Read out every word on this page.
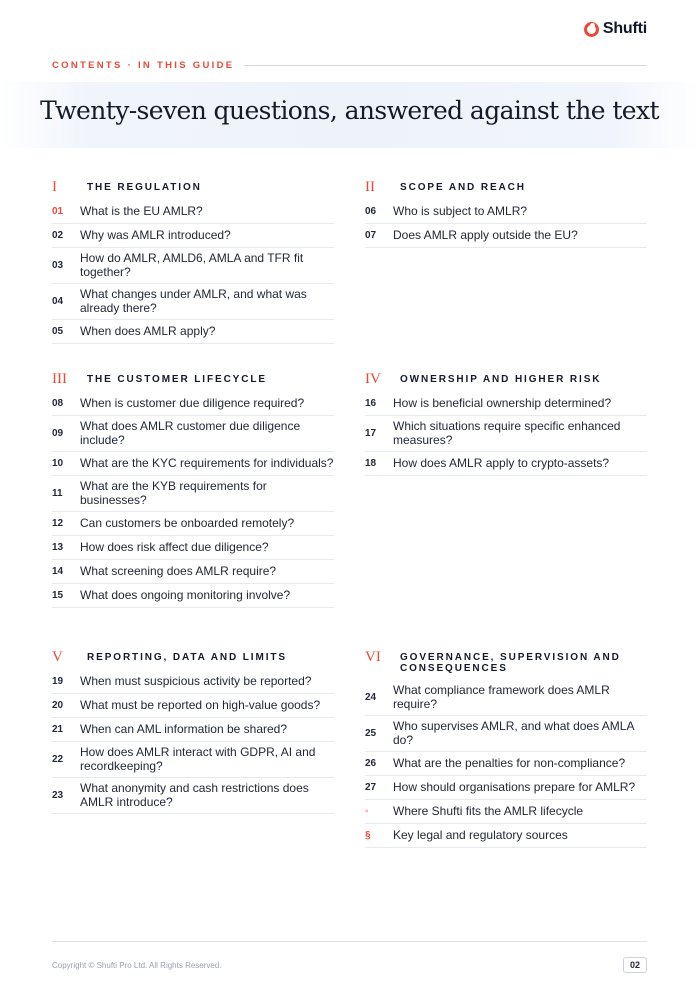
Shufti
CONTENTS · IN THIS GUIDE
Twenty-seven questions, answered against the text
I	THE REGULATION
01	What is the EU AMLR?
02	Why was AMLR introduced?
03	How do AMLR, AMLD6, AMLA and TFR fit together?
04	What changes under AMLR, and what was already there?
05	When does AMLR apply?
II	SCOPE AND REACH
06	Who is subject to AMLR?
07	Does AMLR apply outside the EU?
III	THE CUSTOMER LIFECYCLE
08	When is customer due diligence required?
09	What does AMLR customer due diligence include?
10	What are the KYC requirements for individuals?
11	What are the KYB requirements for businesses?
12	Can customers be onboarded remotely?
13	How does risk affect due diligence?
14	What screening does AMLR require?
15	What does ongoing monitoring involve?
IV	OWNERSHIP AND HIGHER RISK
16	How is beneficial ownership determined?
17	Which situations require specific enhanced measures?
18	How does AMLR apply to crypto-assets?
V	REPORTING, DATA AND LIMITS
19	When must suspicious activity be reported?
20	What must be reported on high-value goods?
21	When can AML information be shared?
22	How does AMLR interact with GDPR, AI and recordkeeping?
23	What anonymity and cash restrictions does AMLR introduce?
VI	GOVERNANCE, SUPERVISION AND CONSEQUENCES
24	What compliance framework does AMLR require?
25	Who supervises AMLR, and what does AMLA do?
26	What are the penalties for non-compliance?
27	How should organisations prepare for AMLR?
◦	Where Shufti fits the AMLR lifecycle
§	Key legal and regulatory sources
Copyright © Shufti Pro Ltd. All Rights Reserved.	02
